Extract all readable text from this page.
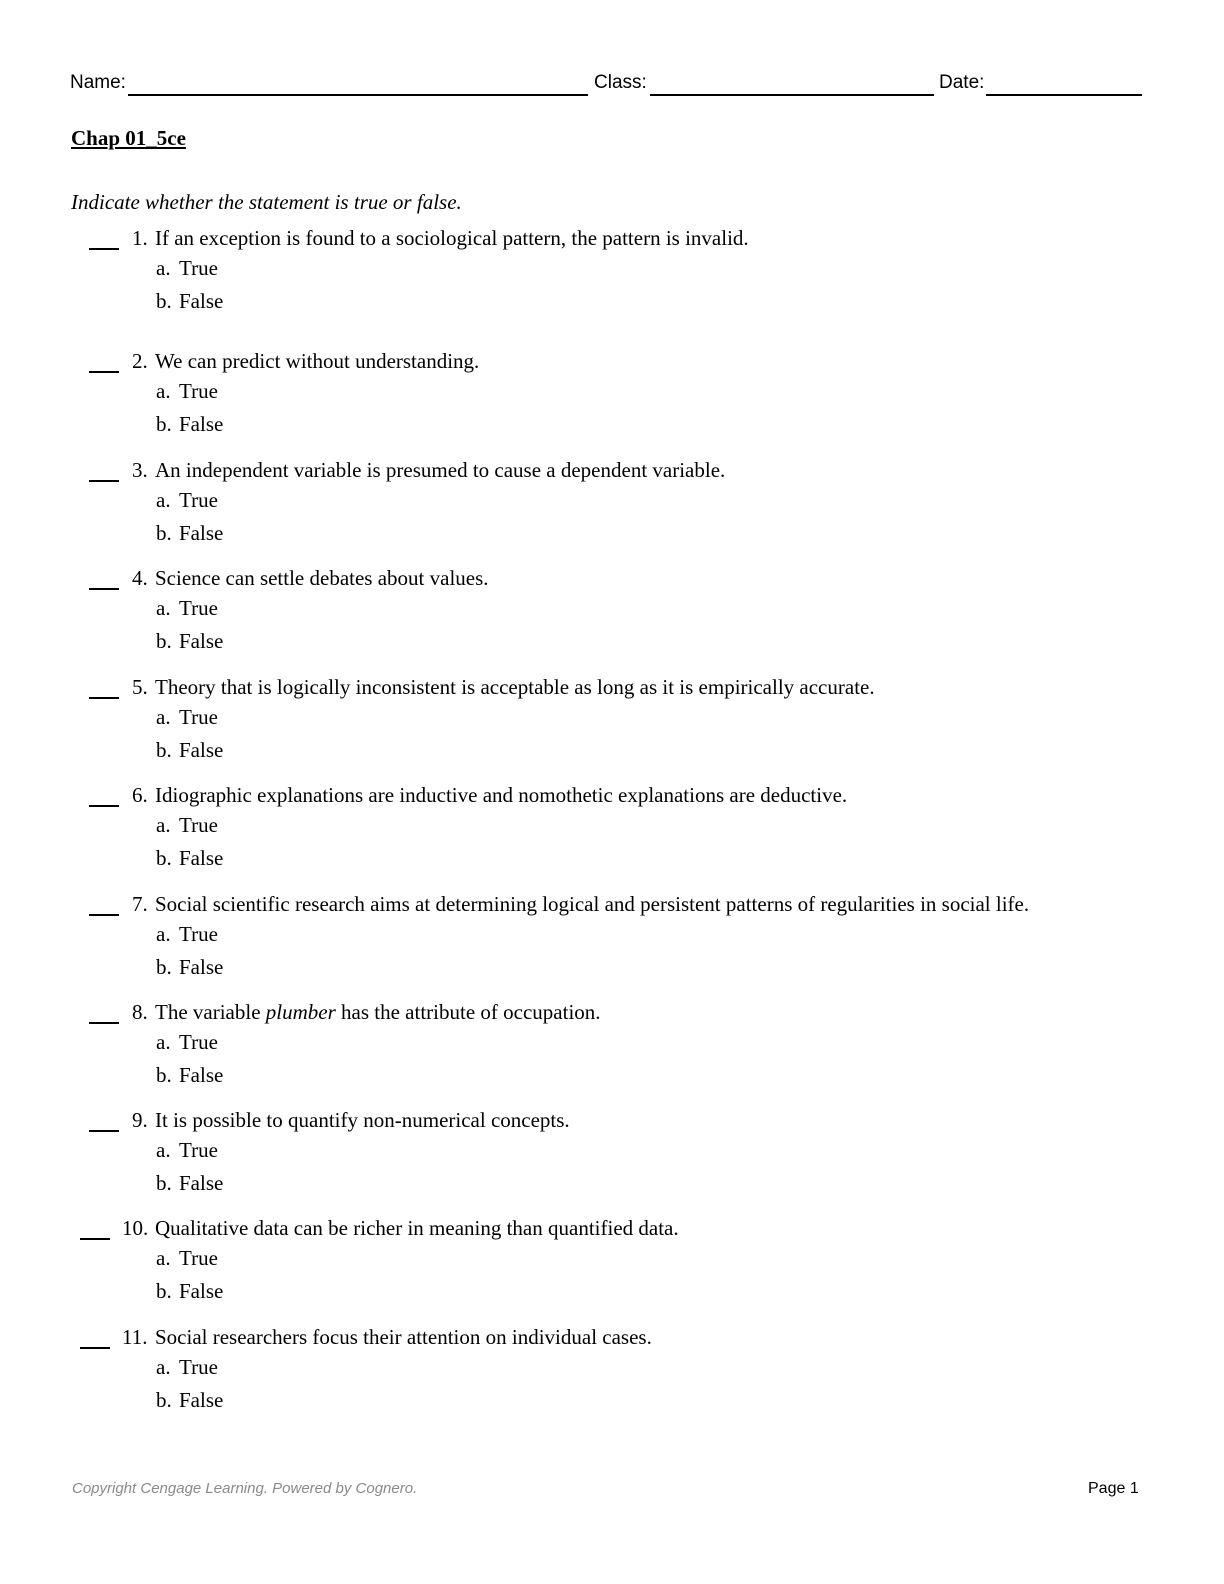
Name:	Class:	Date:
Chap 01_5ce
Indicate whether the statement is true or false.
1. If an exception is found to a sociological pattern, the pattern is invalid.
a. True
b. False
2. We can predict without understanding.
a. True
b. False
3. An independent variable is presumed to cause a dependent variable.
a. True
b. False
4. Science can settle debates about values.
a. True
b. False
5. Theory that is logically inconsistent is acceptable as long as it is empirically accurate.
a. True
b. False
6. Idiographic explanations are inductive and nomothetic explanations are deductive.
a. True
b. False
7. Social scientific research aims at determining logical and persistent patterns of regularities in social life.
a. True
b. False
8. The variable plumber has the attribute of occupation.
a. True
b. False
9. It is possible to quantify non-numerical concepts.
a. True
b. False
10. Qualitative data can be richer in meaning than quantified data.
a. True
b. False
11. Social researchers focus their attention on individual cases.
a. True
b. False
Copyright Cengage Learning. Powered by Cognero.	Page 1
